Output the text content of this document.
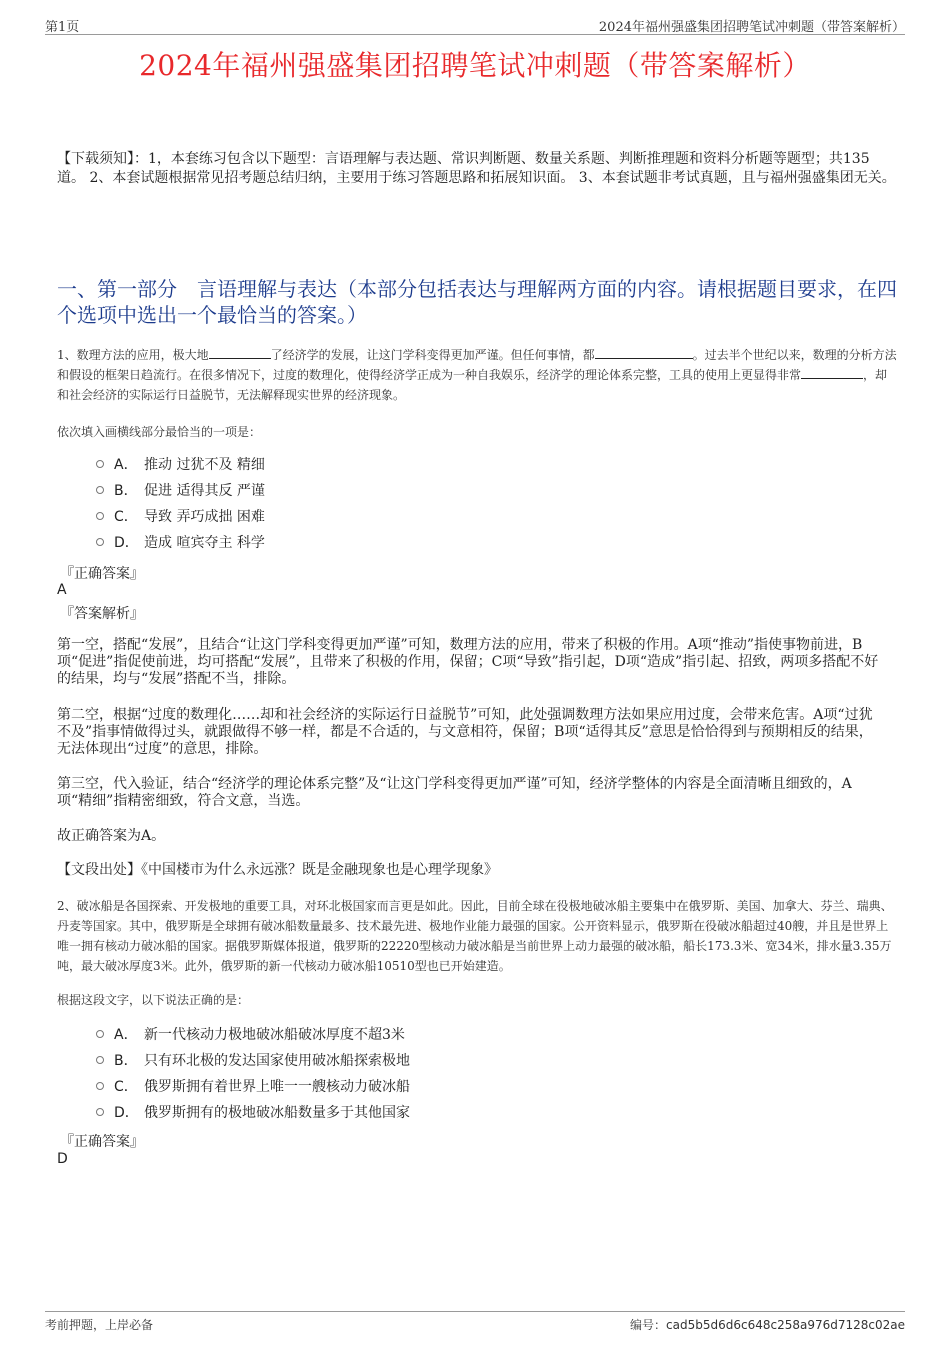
第1页	2024年福州强盛集团招聘笔试冲刺题（带答案解析）
2024年福州强盛集团招聘笔试冲刺题（带答案解析）
【下载须知】：1，本套练习包含以下题型：言语理解与表达题、常识判断题、数量关系题、判断推理题和资料分析题等题型；共135道。 2、本套试题根据常见招考题总结归纳，主要用于练习答题思路和拓展知识面。 3、本套试题非考试真题，且与福州强盛集团无关。
一、第一部分　言语理解与表达（本部分包括表达与理解两方面的内容。请根据题目要求，在四个选项中选出一个最恰当的答案。）
1、数理方法的应用，极大地	了经济学的发展，让这门学科变得更加严谨。但任何事情，都	。过去半个世纪以来，数理的分析方法和假设的框架日趋流行。在很多情况下，过度的数理化，使得经济学正成为一种自我娱乐，经济学的理论体系完整，工具的使用上更显得非常	，却和社会经济的实际运行日益脱节，无法解释现实世界的经济现象。
依次填入画横线部分最恰当的一项是：
A． 推动 过犹不及 精细
B． 促进 适得其反 严谨
C． 导致 弄巧成拙 困难
D． 造成 喧宾夺主 科学
『正确答案』
A
『答案解析』
第一空，搭配“发展”，且结合“让这门学科变得更加严谨”可知，数理方法的应用，带来了积极的作用。A项“推动”指使事物前进，B项“促进”指促使前进，均可搭配“发展”，且带来了积极的作用，保留；C项“导致”指引起，D项“造成”指引起、招致，两项多搭配不好的结果，均与“发展”搭配不当，排除。
第二空，根据“过度的数理化……却和社会经济的实际运行日益脱节”可知，此处强调数理方法如果应用过度，会带来危害。A项“过犹不及”指事情做得过头，就跟做得不够一样，都是不合适的，与文意相符，保留；B项“适得其反”意思是恰恰得到与预期相反的结果，无法体现出“过度”的意思，排除。
第三空，代入验证，结合“经济学的理论体系完整”及“让这门学科变得更加严谨”可知，经济学整体的内容是全面清晰且细致的，A项“精细”指精密细致，符合文意，当选。
故正确答案为A。
【文段出处】《中国楼市为什么永远涨？既是金融现象也是心理学现象》
2、破冰船是各国探索、开发极地的重要工具，对环北极国家而言更是如此。因此，目前全球在役极地破冰船主要集中在俄罗斯、美国、加拿大、芬兰、瑞典、丹麦等国家。其中，俄罗斯是全球拥有破冰船数量最多、技术最先进、极地作业能力最强的国家。公开资料显示，俄罗斯在役破冰船超过40艘，并且是世界上唯一拥有核动力破冰船的国家。据俄罗斯媒体报道，俄罗斯的22220型核动力破冰船是当前世界上动力最强的破冰船，船长173.3米、宽34米，排水量3.35万吨，最大破冰厚度3米。此外，俄罗斯的新一代核动力破冰船10510型也已开始建造。
根据这段文字，以下说法正确的是：
A． 新一代核动力极地破冰船破冰厚度不超3米
B． 只有环北极的发达国家使用破冰船探索极地
C． 俄罗斯拥有着世界上唯一一艘核动力破冰船
D． 俄罗斯拥有的极地破冰船数量多于其他国家
『正确答案』
D
考前押题，上岸必备	编号：cad5b5d6d6c648c258a976d7128c02ae
